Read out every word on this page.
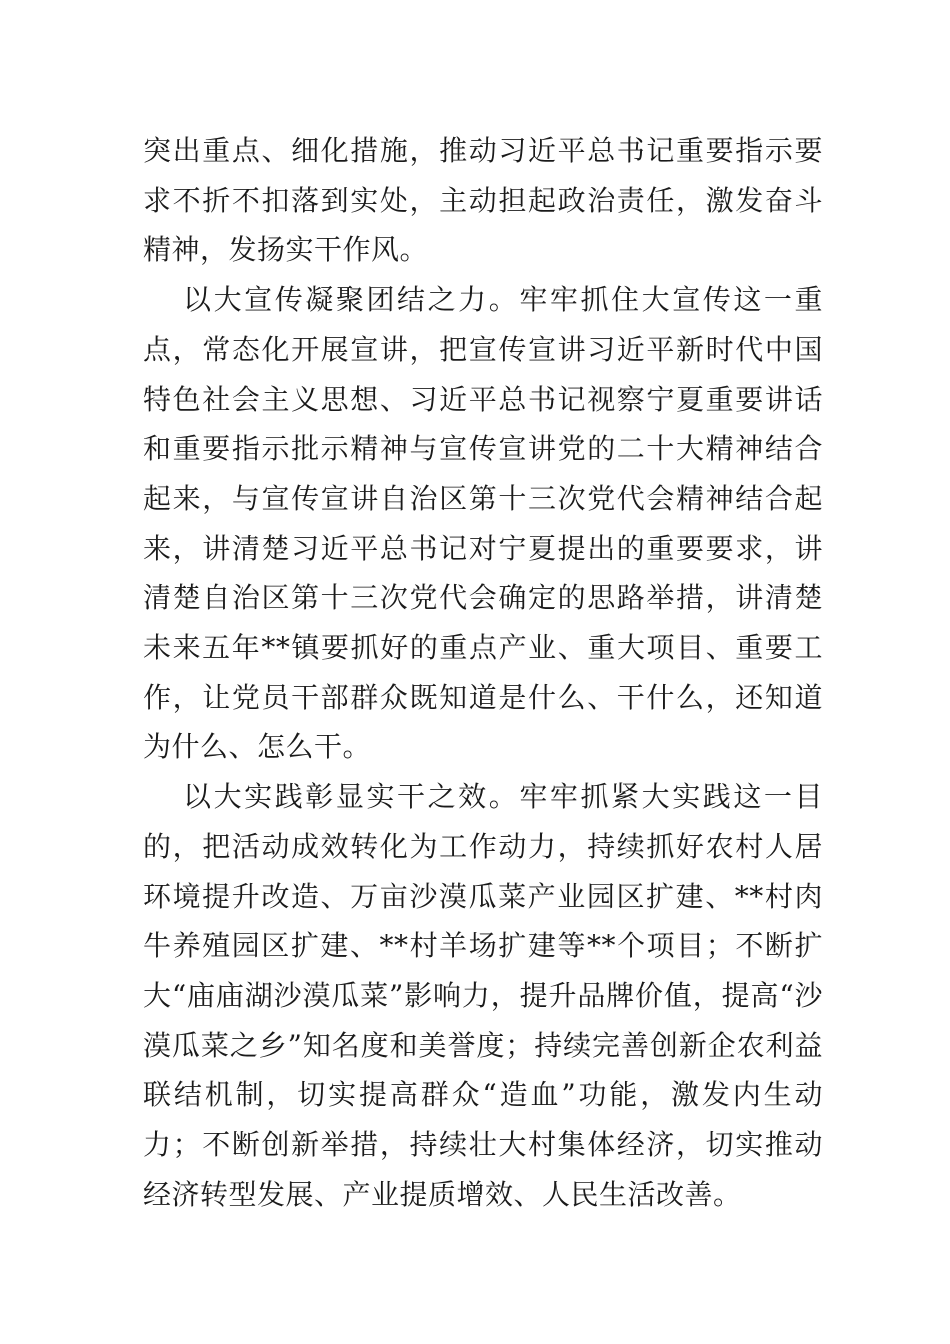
突出重点、细化措施，推动习近平总书记重要指示要求不折不扣落到实处，主动担起政治责任，激发奋斗精神，发扬实干作风。

以大宣传凝聚团结之力。牢牢抓住大宣传这一重点，常态化开展宣讲，把宣传宣讲习近平新时代中国特色社会主义思想、习近平总书记视察宁夏重要讲话和重要指示批示精神与宣传宣讲党的二十大精神结合起来，与宣传宣讲自治区第十三次党代会精神结合起来，讲清楚习近平总书记对宁夏提出的重要要求，讲清楚自治区第十三次党代会确定的思路举措，讲清楚未来五年**镇要抓好的重点产业、重大项目、重要工作，让党员干部群众既知道是什么、干什么，还知道为什么、怎么干。

以大实践彰显实干之效。牢牢抓紧大实践这一目的，把活动成效转化为工作动力，持续抓好农村人居环境提升改造、万亩沙漠瓜菜产业园区扩建、**村肉牛养殖园区扩建、**村羊场扩建等**个项目；不断扩大“庙庙湖沙漠瓜菜”影响力，提升品牌价值，提高“沙漠瓜菜之乡”知名度和美誉度；持续完善创新企农利益联结机制，切实提高群众“造血”功能，激发内生动力；不断创新举措，持续壮大村集体经济，切实推动经济转型发展、产业提质增效、人民生活改善。
